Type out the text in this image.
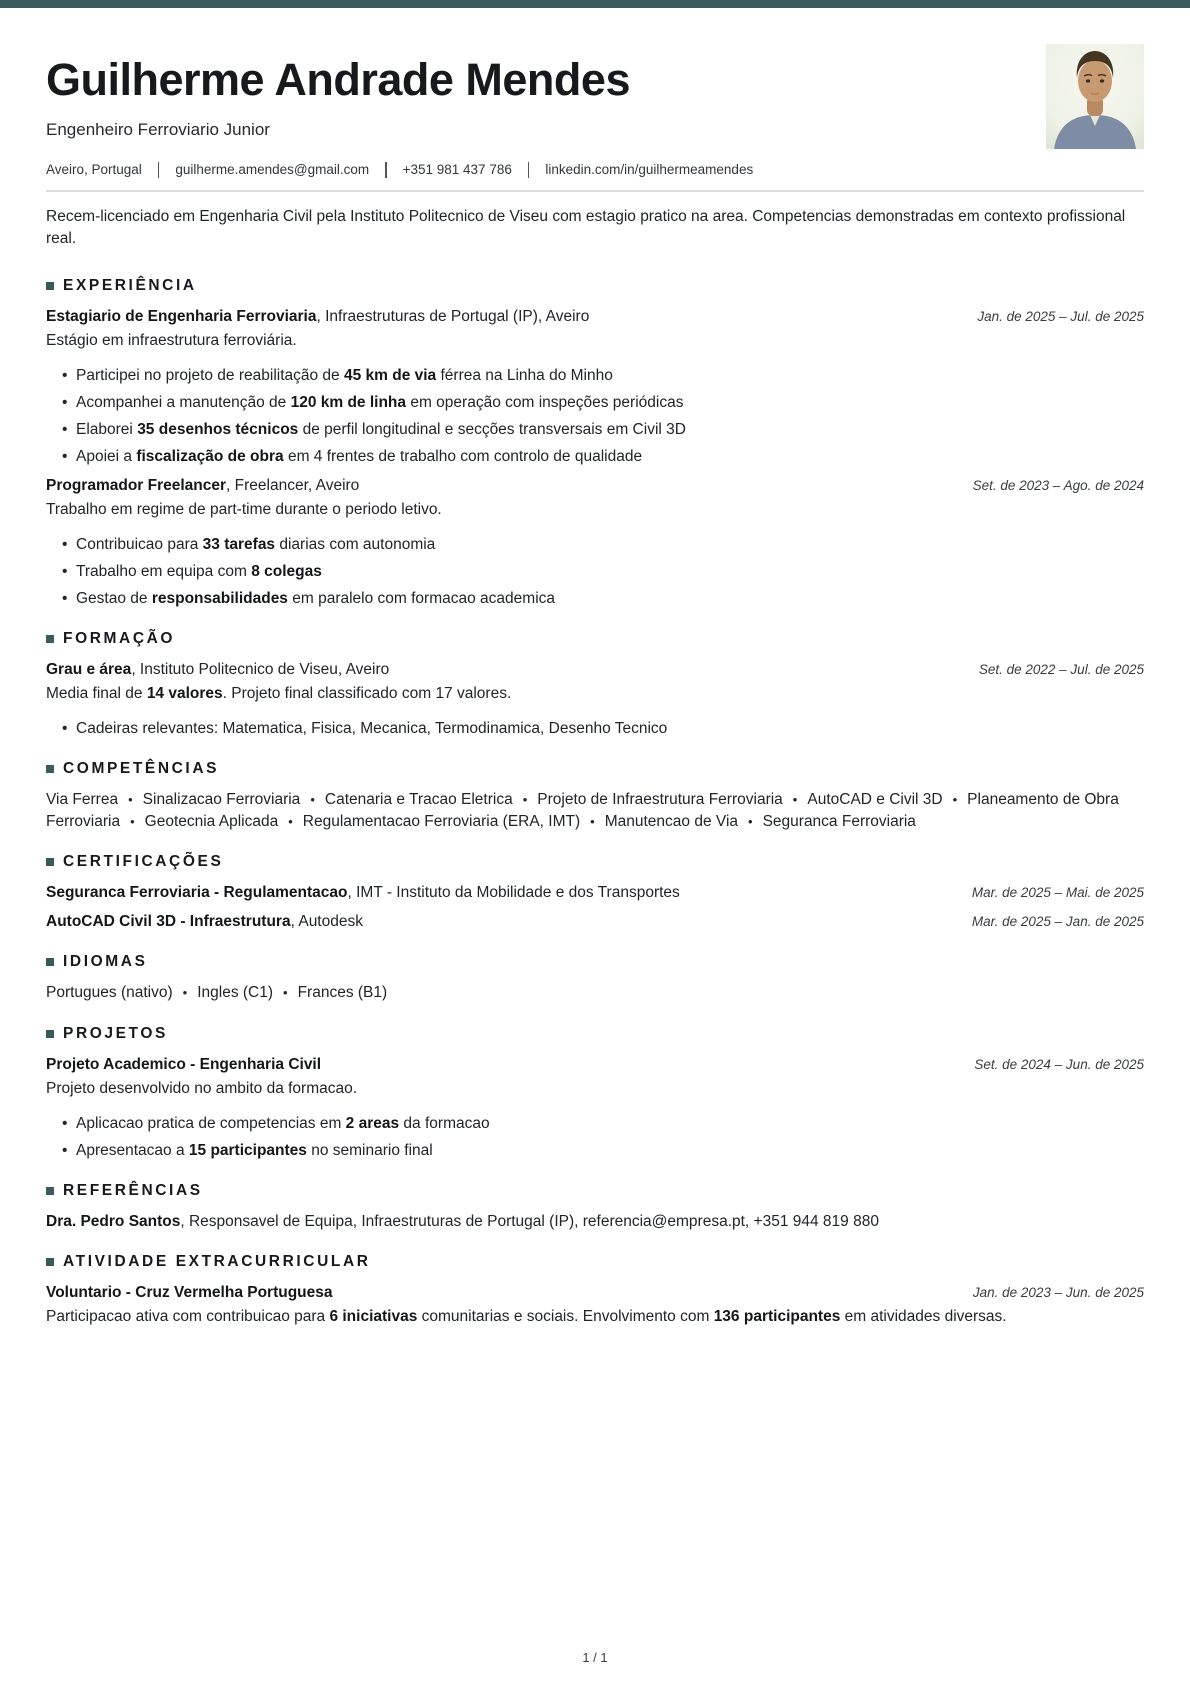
Guilherme Andrade Mendes

Engenheiro Ferroviario Junior

Aveiro, Portugal guilherme.amendes@gmail.com +351 981 437 786 linkedin.com/in/guilhermeamendes

Recem-licenciado em Engenharia Civil pela Instituto Politecnico de Viseu com estagio pratico na area. Competencias demonstradas em contexto profissional real.

EXPERIÊNCIA

Estagiario de Engenharia Ferroviaria, Infraestruturas de Portugal (IP), Aveiro	Jan. de 2025 – Jul. de 2025

Estágio em infraestrutura ferroviária.

• Participei no projeto de reabilitação de 45 km de via férrea na Linha do Minho
• Acompanhei a manutenção de 120 km de linha em operação com inspeções periódicas
• Elaborei 35 desenhos técnicos de perfil longitudinal e secções transversais em Civil 3D
• Apoiei a fiscalização de obra em 4 frentes de trabalho com controlo de qualidade

Programador Freelancer, Freelancer, Aveiro	Set. de 2023 – Ago. de 2024

Trabalho em regime de part-time durante o periodo letivo.

• Contribuicao para 33 tarefas diarias com autonomia
• Trabalho em equipa com 8 colegas
• Gestao de responsabilidades em paralelo com formacao academica
FORMAÇÃO

Grau e área, Instituto Politecnico de Viseu, Aveiro	Set. de 2022 – Jul. de 2025

Media final de 14 valores. Projeto final classificado com 17 valores.

• Cadeiras relevantes: Matematica, Fisica, Mecanica, Termodinamica, Desenho Tecnico
COMPETÊNCIAS

Via Ferrea • Sinalizacao Ferroviaria • Catenaria e Tracao Eletrica • Projeto de Infraestrutura Ferroviaria • AutoCAD e Civil 3D • Planeamento de Obra Ferroviaria • Geotecnia Aplicada • Regulamentacao Ferroviaria (ERA, IMT) • Manutencao de Via • Seguranca Ferroviaria

CERTIFICAÇÕES

Seguranca Ferroviaria - Regulamentacao, IMT - Instituto da Mobilidade e dos Transportes	Mar. de 2025 – Mai. de 2025

AutoCAD Civil 3D - Infraestrutura, Autodesk	Mar. de 2025 – Jan. de 2025
IDIOMAS

Portugues (nativo) • Ingles (C1) • Frances (B1)

PROJETOS

Projeto Academico - Engenharia Civil	Set. de 2024 – Jun. de 2025

Projeto desenvolvido no ambito da formacao.

• Aplicacao pratica de competencias em 2 areas da formacao
• Apresentacao a 15 participantes no seminario final
REFERÊNCIAS

Dra. Pedro Santos, Responsavel de Equipa, Infraestruturas de Portugal (IP), referencia@empresa.pt, +351 944 819 880

ATIVIDADE EXTRACURRICULAR

Voluntario - Cruz Vermelha Portuguesa	Jan. de 2023 – Jun. de 2025

Participacao ativa com contribuicao para 6 iniciativas comunitarias e sociais. Envolvimento com 136 participantes em atividades diversas.

1 / 1
